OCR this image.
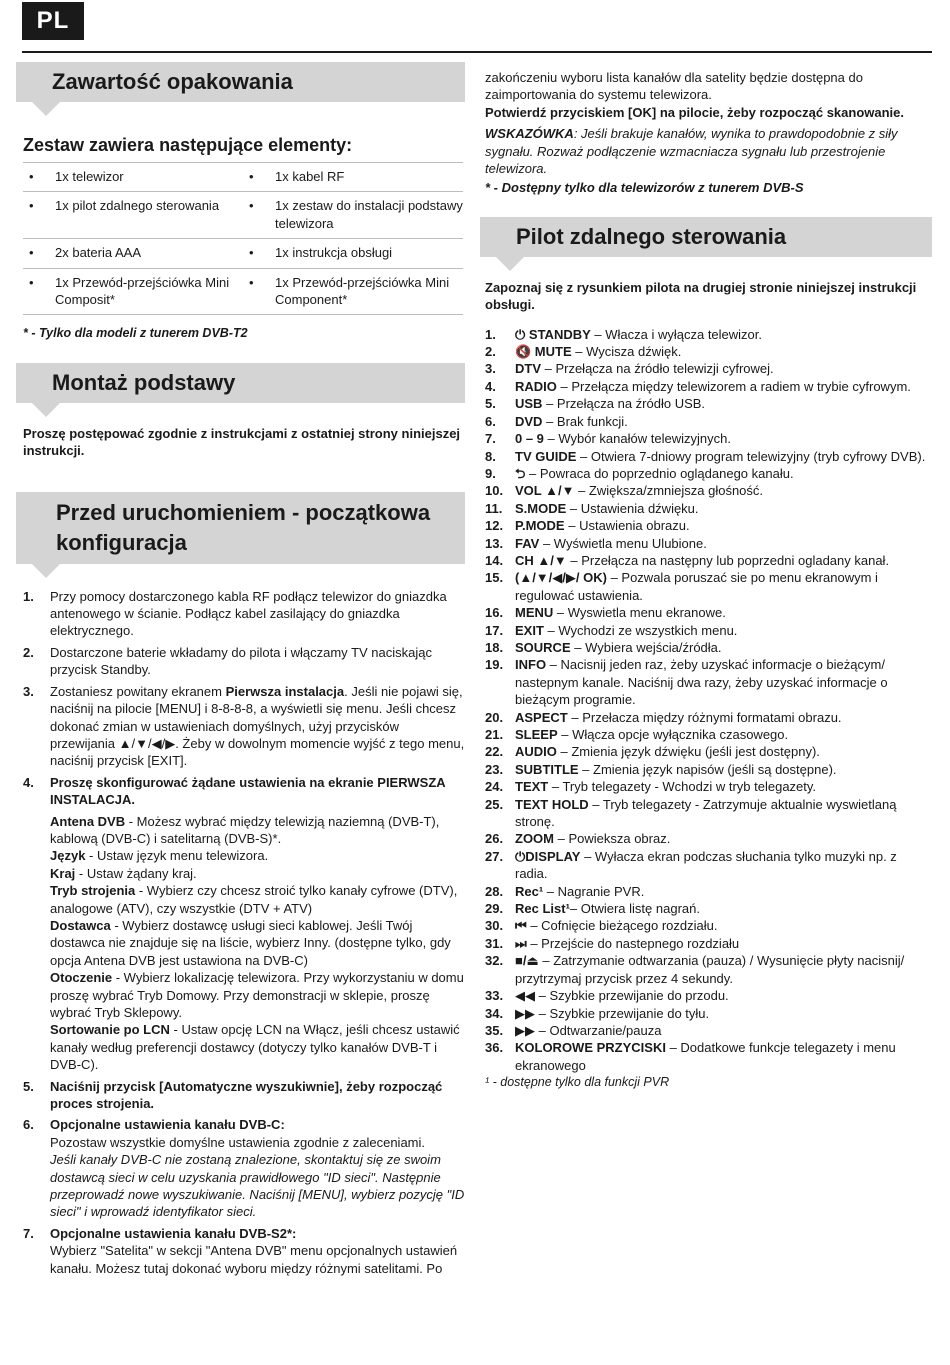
PL
Zawartość opakowania
Zestaw zawiera następujące elementy:
• 1x telewizor	• 1x kabel RF

• 1x pilot zdalnego sterowania	• 1x zestaw do instalacji podstawy telewizora

• 2x bateria AAA	• 1x instrukcja obsługi

• 1x Przewód-przejściówka Mini Composit*	• 1x Przewód-przejściówka Mini Component*
* - Tylko dla modeli z tunerem DVB-T2
Montaż podstawy
Proszę postępować zgodnie z instrukcjami z ostatniej strony niniejszej instrukcji.
Przed uruchomieniem - początkowa
konfiguracja
1.	Przy pomocy dostarczonego kabla RF podłącz telewizor do gniazdka antenowego w ścianie. Podłącz kabel zasilający do gniazdka elektrycznego.
2.	Dostarczone baterie wkładamy do pilota i włączamy TV naciskając przycisk Standby.
3.	Zostaniesz powitany ekranem Pierwsza instalacja. Jeśli nie pojawi się, naciśnij na pilocie [MENU] i 8-8-8-8, a wyświetli się menu. Jeśli chcesz dokonać zmian w ustawieniach domyślnych, użyj przycisków przewijania ▲/▼/◀/▶. Żeby w dowolnym momencie wyjść z tego menu, naciśnij przycisk [EXIT].
4.	Proszę skonfigurować żądane ustawienia na ekranie PIERWSZA INSTALACJA.
Antena DVB - Możesz wybrać między telewizją naziemną (DVB-T), kablową (DVB-C) i satelitarną (DVB-S)*.
Język - Ustaw język menu telewizora.
Kraj - Ustaw żądany kraj.
Tryb strojenia - Wybierz czy chcesz stroić tylko kanały cyfrowe (DTV), analogowe (ATV), czy wszystkie (DTV + ATV)
Dostawca - Wybierz dostawcę usługi sieci kablowej. Jeśli Twój dostawca nie znajduje się na liście, wybierz Inny. (dostępne tylko, gdy opcja Antena DVB jest ustawiona na DVB-C)
Otoczenie - Wybierz lokalizację telewizora. Przy wykorzystaniu w domu proszę wybrać Tryb Domowy. Przy demonstracji w sklepie, proszę wybrać Tryb Sklepowy.
Sortowanie po LCN - Ustaw opcję LCN na Włącz, jeśli chcesz ustawić kanały według preferencji dostawcy (dotyczy tylko kanałów DVB-T i DVB-C).
5.	Naciśnij przycisk [Automatyczne wyszukiwnie], żeby rozpocząć proces strojenia.
6.	Opcjonalne ustawienia kanału DVB-C:
Pozostaw wszystkie domyślne ustawienia zgodnie z zaleceniami.
Jeśli kanały DVB-C nie zostaną znalezione, skontaktuj się ze swoim dostawcą sieci w celu uzyskania prawidłowego "ID sieci". Następnie przeprowadź nowe wyszukiwanie. Naciśnij [MENU], wybierz pozycję "ID sieci" i wprowadź identyfikator sieci.
7.	Opcjonalne ustawienia kanału DVB-S2*:
Wybierz "Satelita" w sekcji "Antena DVB" menu opcjonalnych ustawień kanału. Możesz tutaj dokonać wyboru między różnymi satelitami. Po
zakończeniu wyboru lista kanałów dla satelity będzie dostępna do zaimportowania do systemu telewizora.
Potwierdź przyciskiem [OK] na pilocie, żeby rozpocząć skanowanie.
WSKAZÓWKA: Jeśli brakuje kanałów, wynika to prawdopodobnie z siły sygnału. Rozważ podłączenie wzmacniacza sygnału lub przestrojenie telewizora.
* - Dostępny tylko dla telewizorów z tunerem DVB-S
Pilot zdalnego sterowania
Zapoznaj się z rysunkiem pilota na drugiej stronie niniejszej instrukcji obsługi.
1.	⏻ STANDBY – Włacza i wyłącza telewizor.
2.	🔇 MUTE – Wycisza dźwięk.
3.	DTV – Przełącza na źródło telewizji cyfrowej.
4.	RADIO – Przełącza między telewizorem a radiem w trybie cyfrowym.
5.	USB – Przełącza na źródło USB.
6.	DVD – Brak funkcji.
7.	0 – 9 – Wybór kanałów telewizyjnych.
8.	TV GUIDE – Otwiera 7-dniowy program telewizyjny (tryb cyfrowy DVB).
9.	⮌ – Powraca do poprzednio oglądanego kanału.
10. VOL ▲/▼ – Zwiększa/zmniejsza głośność.
11. S.MODE – Ustawienia dźwięku.
12. P.MODE – Ustawienia obrazu.
13. FAV – Wyświetla menu Ulubione.
14. CH ▲/▼ – Przełącza na następny lub poprzedni ogladany kanał.
15. (▲/▼/◀/▶/ OK) – Pozwala poruszać sie po menu ekranowym i regulować ustawienia.
16. MENU – Wyswietla menu ekranowe.
17. EXIT – Wychodzi ze wszystkich menu.
18. SOURCE – Wybiera wejścia/źródła.
19. INFO – Nacisnij jeden raz, żeby uzyskać informacje o bieżącym/ nastepnym kanale. Naciśnij dwa razy, żeby uzyskać informacje o bieżącym programie.
20. ASPECT – Przełacza między różnymi formatami obrazu.
21. SLEEP – Włącza opcje wyłącznika czasowego.
22. AUDIO – Zmienia język dźwięku (jeśli jest dostępny).
23. SUBTITLE – Zmienia język napisów (jeśli są dostępne).
24. TEXT – Tryb telegazety - Wchodzi w tryb telegazety.
25. TEXT HOLD – Tryb telegazety - Zatrzymuje aktualnie wyswietlaną stronę.
26. ZOOM – Powieksza obraz.
27. ⏻DISPLAY – Wyłacza ekran podczas słuchania tylko muzyki np. z radia.
28. Rec¹ – Nagranie PVR.
29. Rec List¹– Otwiera listę nagrań.
30. ⏮ – Cofnięcie bieżącego rozdziału.
31. ⏭ – Przejście do nastepnego rozdziału
32. ■/⏏ – Zatrzymanie odtwarzania (pauza) / Wysunięcie płyty nacisnij/ przytrzymaj przycisk przez 4 sekundy.
33. ◀◀ – Szybkie przewijanie do przodu.
34. ▶▶ – Szybkie przewijanie do tyłu.
35. ▶▶ – Odtwarzanie/pauza
36. KOLOROWE PRZYCISKI – Dodatkowe funkcje telegazety i menu ekranowego
¹ - dostępne tylko dla funkcji PVR
